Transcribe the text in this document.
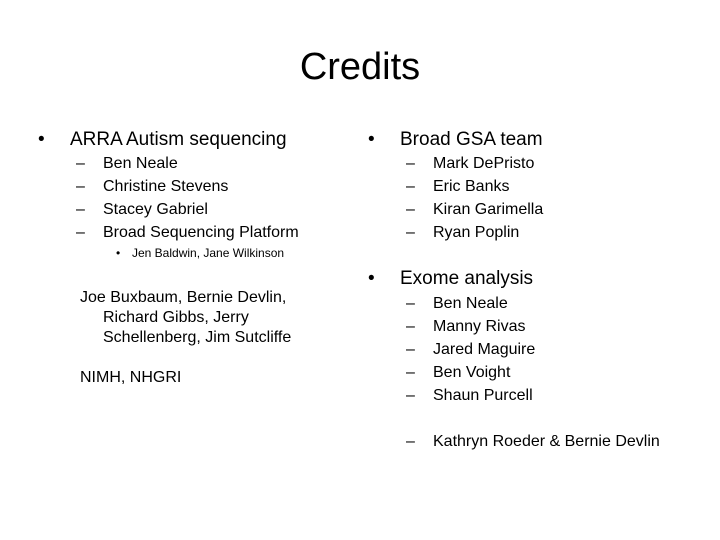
Credits
• ARRA Autism sequencing
– Ben Neale
– Christine Stevens
– Stacey Gabriel
– Broad Sequencing Platform
• Jen Baldwin, Jane Wilkinson
Joe Buxbaum, Bernie Devlin,
Richard Gibbs, Jerry
Schellenberg, Jim Sutcliffe
NIMH, NHGRI
• Broad GSA team
– Mark DePristo
– Eric Banks
– Kiran Garimella
– Ryan Poplin
• Exome analysis
– Ben Neale
– Manny Rivas
– Jared Maguire
– Ben Voight
– Shaun Purcell
– Kathryn Roeder & Bernie Devlin
